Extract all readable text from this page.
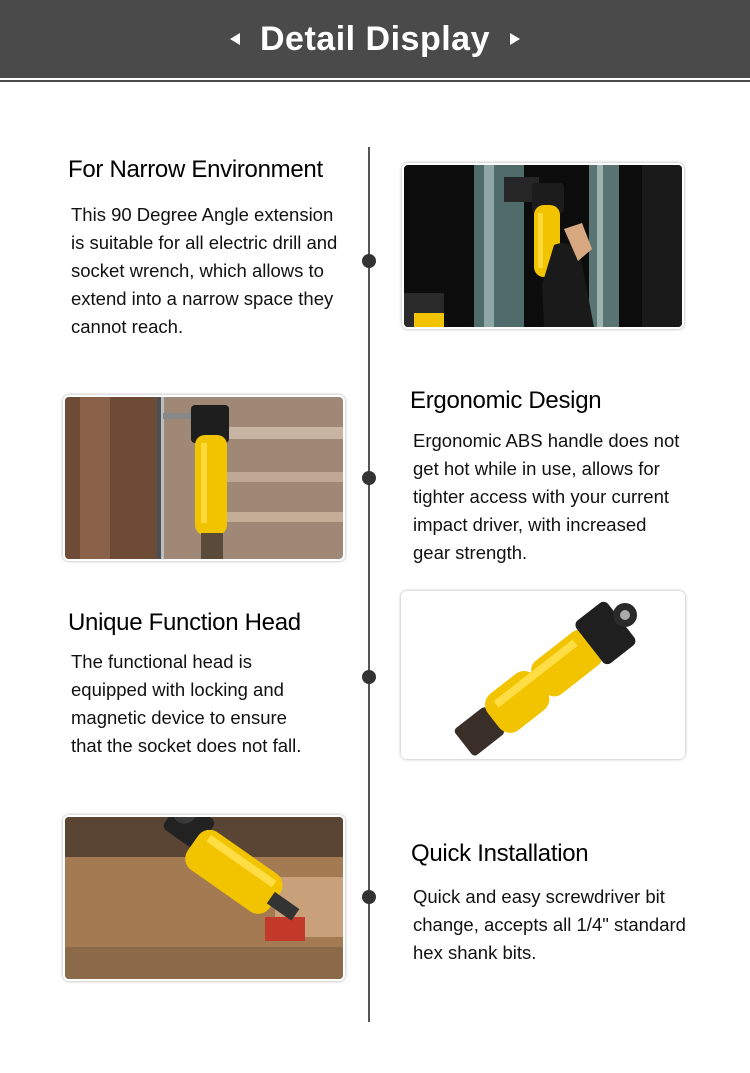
Detail Display
For Narrow Environment
This 90 Degree Angle extension
is suitable for all electric drill and
socket wrench, which allows to
extend into a narrow space they
cannot reach.
Ergonomic Design
Ergonomic ABS handle does not
get hot while in use, allows for
tighter access with your current
impact driver, with increased
gear strength.
Unique Function Head
The functional head is
equipped with locking and
magnetic device to ensure
that the socket does not fall.
Quick Installation
Quick and easy screwdriver bit
change, accepts all 1/4" standard
hex shank bits.
